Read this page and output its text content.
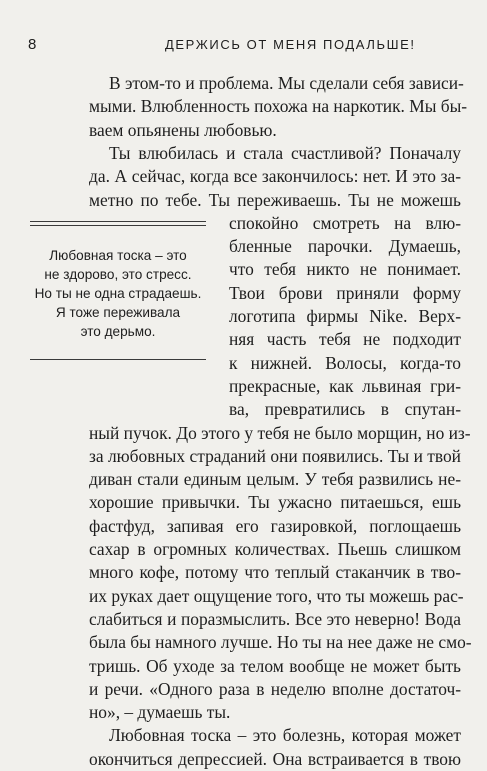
8	ДЕРЖИСЬ ОТ МЕНЯ ПОДАЛЬШЕ!
В этом-то и проблема. Мы сделали себя зависи-
мыми. Влюбленность похожа на наркотик. Мы бы-
ваем опьянены любовью.
Ты влюбилась и стала счастливой? Поначалу
да. А сейчас, когда все закончилось: нет. И это за-
метно по тебе. Ты переживаешь. Ты не можешь
спокойно смотреть на влю-
бленные парочки. Думаешь,
что тебя никто не понимает.
Твои брови приняли форму
логотипа фирмы Nike. Верх-
няя часть тебя не подходит
к нижней. Волосы, когда-то
прекрасные, как львиная гри-
ва, превратились в спутан-
ный пучок. До этого у тебя не было морщин, но из-
за любовных страданий они появились. Ты и твой
диван стали единым целым. У тебя развились не-
хорошие привычки. Ты ужасно питаешься, ешь
фастфуд, запивая его газировкой, поглощаешь
сахар в огромных количествах. Пьешь слишком
много кофе, потому что теплый стаканчик в тво-
их руках дает ощущение того, что ты можешь рас-
слабиться и поразмыслить. Все это неверно! Вода
была бы намного лучше. Но ты на нее даже не смо-
тришь. Об уходе за телом вообще не может быть
и речи. «Одного раза в неделю вполне достаточ-
но», – думаешь ты.
Любовная тоска – это болезнь, которая может
окончиться депрессией. Она встраивается в твою
Любовная тоска – это
не здорово, это стресс.
Но ты не одна страдаешь.
Я тоже переживала
это дерьмо.
